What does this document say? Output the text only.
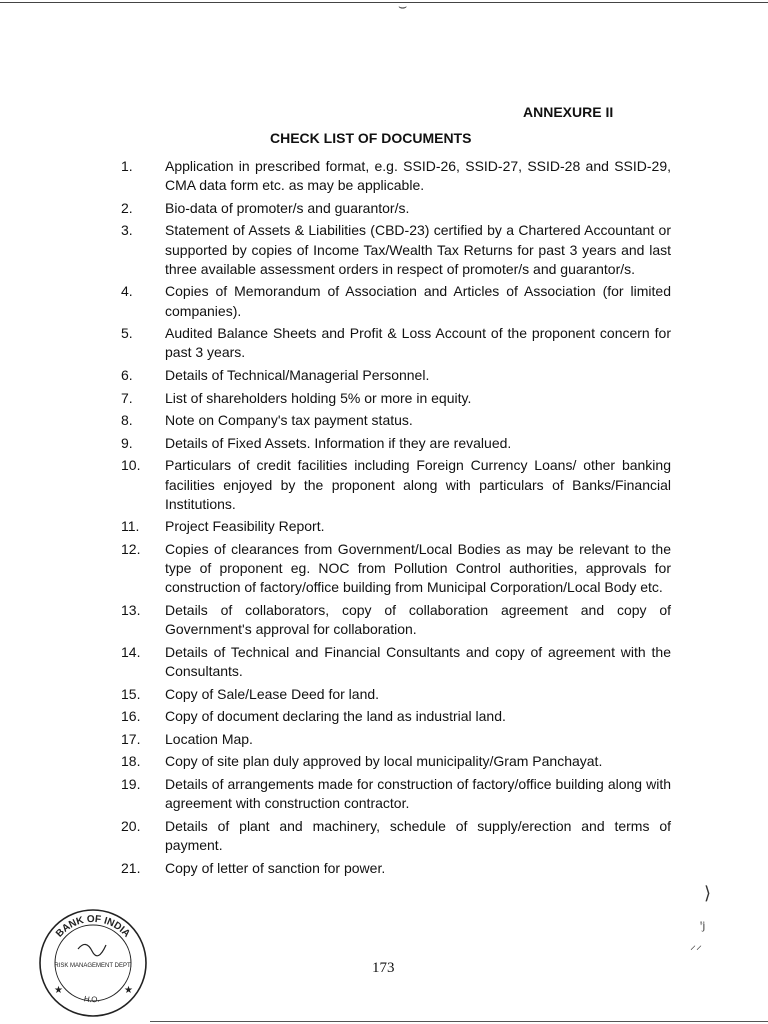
⌣
ANNEXURE II
CHECK LIST OF DOCUMENTS
1.	Application in prescribed format, e.g. SSID-26, SSID-27, SSID-28 and SSID-29, CMA data form etc. as may be applicable.
2.	Bio-data of promoter/s and guarantor/s.
3.	Statement of Assets & Liabilities (CBD-23) certified by a Chartered Accountant or supported by copies of Income Tax/Wealth Tax Returns for past 3 years and last three available assessment orders in respect of promoter/s and guarantor/s.
4.	Copies of Memorandum of Association and Articles of Association (for limited companies).
5.	Audited Balance Sheets and Profit & Loss Account of the proponent concern for past 3 years.
6.	Details of Technical/Managerial Personnel.
7.	List of shareholders holding 5% or more in equity.
8.	Note on Company's tax payment status.
9.	Details of Fixed Assets. Information if they are revalued.
10.	Particulars of credit facilities including Foreign Currency Loans/ other banking facilities enjoyed by the proponent along with particulars of Banks/Financial Institutions.
11.	Project Feasibility Report.
12.	Copies of clearances from Government/Local Bodies as may be relevant to the type of proponent eg. NOC from Pollution Control authorities, approvals for construction of factory/office building from Municipal Corporation/Local Body etc.
13.	Details of collaborators, copy of collaboration agreement and copy of Government's approval for collaboration.
14.	Details of Technical and Financial Consultants and copy of agreement with the Consultants.
15.	Copy of Sale/Lease Deed for land.
16.	Copy of document declaring the land as industrial land.
17.	Location Map.
18.	Copy of site plan duly approved by local municipality/Gram Panchayat.
19.	Details of arrangements made for construction of factory/office building along with agreement with construction contractor.
20.	Details of plant and machinery, schedule of supply/erection and terms of payment.
21.	Copy of letter of sanction for power.
⟩
ꞌj
⸝⸝
BANK OF INDIA
RISK MANAGEMENT DEPT.
H.O.
★	★
173
